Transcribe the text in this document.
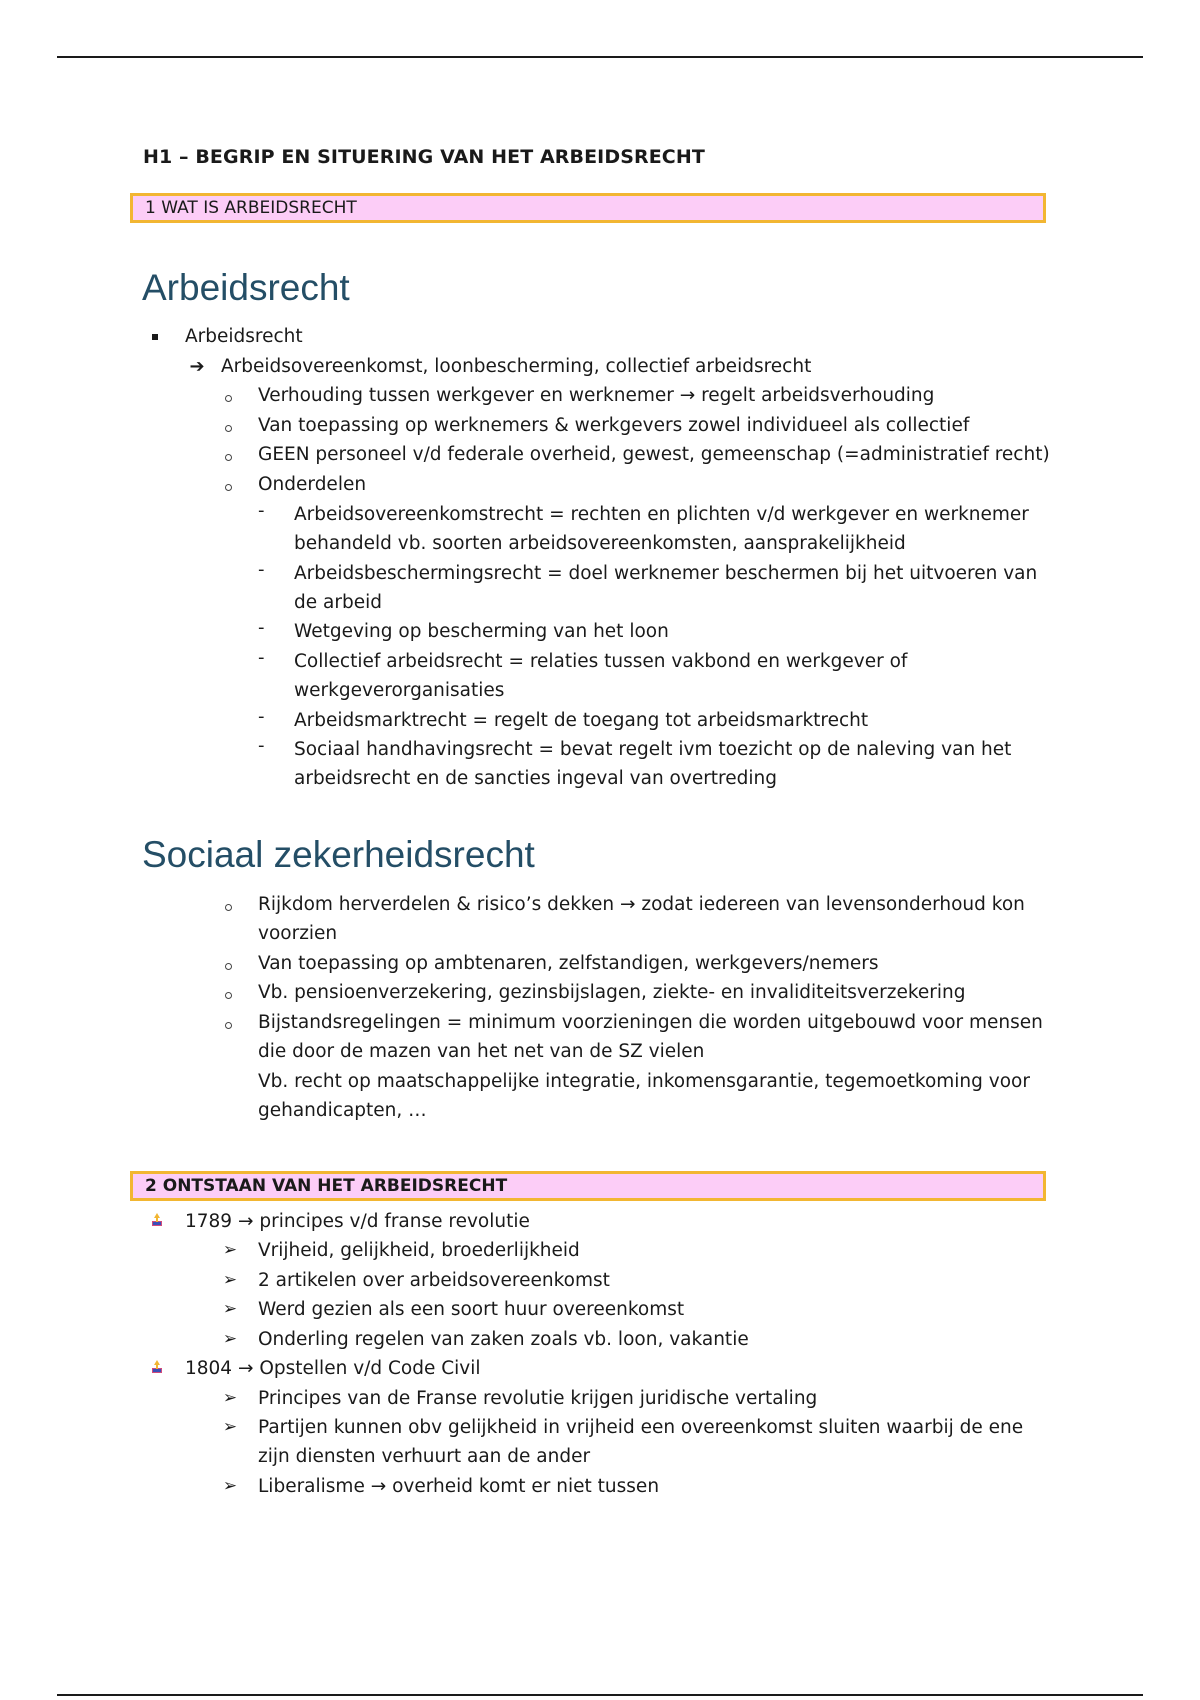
H1 – BEGRIP EN SITUERING VAN HET ARBEIDSRECHT
1 WAT IS ARBEIDSRECHT
Arbeidsrecht
Arbeidsrecht
➔ Arbeidsovereenkomst, loonbescherming, collectief arbeidsrecht
Verhouding tussen werkgever en werknemer → regelt arbeidsverhouding
Van toepassing op werknemers & werkgevers zowel individueel als collectief
GEEN personeel v/d federale overheid, gewest, gemeenschap (=administratief recht)
Onderdelen
- Arbeidsovereenkomstrecht = rechten en plichten v/d werkgever en werknemer
behandeld vb. soorten arbeidsovereenkomsten, aansprakelijkheid
- Arbeidsbeschermingsrecht = doel werknemer beschermen bij het uitvoeren van
de arbeid
- Wetgeving op bescherming van het loon
- Collectief arbeidsrecht = relaties tussen vakbond en werkgever of
werkgeverorganisaties
- Arbeidsmarktrecht = regelt de toegang tot arbeidsmarktrecht
- Sociaal handhavingsrecht = bevat regelt ivm toezicht op de naleving van het
arbeidsrecht en de sancties ingeval van overtreding
Sociaal zekerheidsrecht
Rijkdom herverdelen & risico’s dekken → zodat iedereen van levensonderhoud kon
voorzien
Van toepassing op ambtenaren, zelfstandigen, werkgevers/nemers
Vb. pensioenverzekering, gezinsbijslagen, ziekte- en invaliditeitsverzekering
Bijstandsregelingen = minimum voorzieningen die worden uitgebouwd voor mensen
die door de mazen van het net van de SZ vielen
Vb. recht op maatschappelijke integratie, inkomensgarantie, tegemoetkoming voor
gehandicapten, …
2 ONTSTAAN VAN HET ARBEIDSRECHT
1789 → principes v/d franse revolutie
➢ Vrijheid, gelijkheid, broederlijkheid
➢ 2 artikelen over arbeidsovereenkomst
➢ Werd gezien als een soort huur overeenkomst
➢ Onderling regelen van zaken zoals vb. loon, vakantie
1804 → Opstellen v/d Code Civil
➢ Principes van de Franse revolutie krijgen juridische vertaling
➢ Partijen kunnen obv gelijkheid in vrijheid een overeenkomst sluiten waarbij de ene
zijn diensten verhuurt aan de ander
➢ Liberalisme → overheid komt er niet tussen
